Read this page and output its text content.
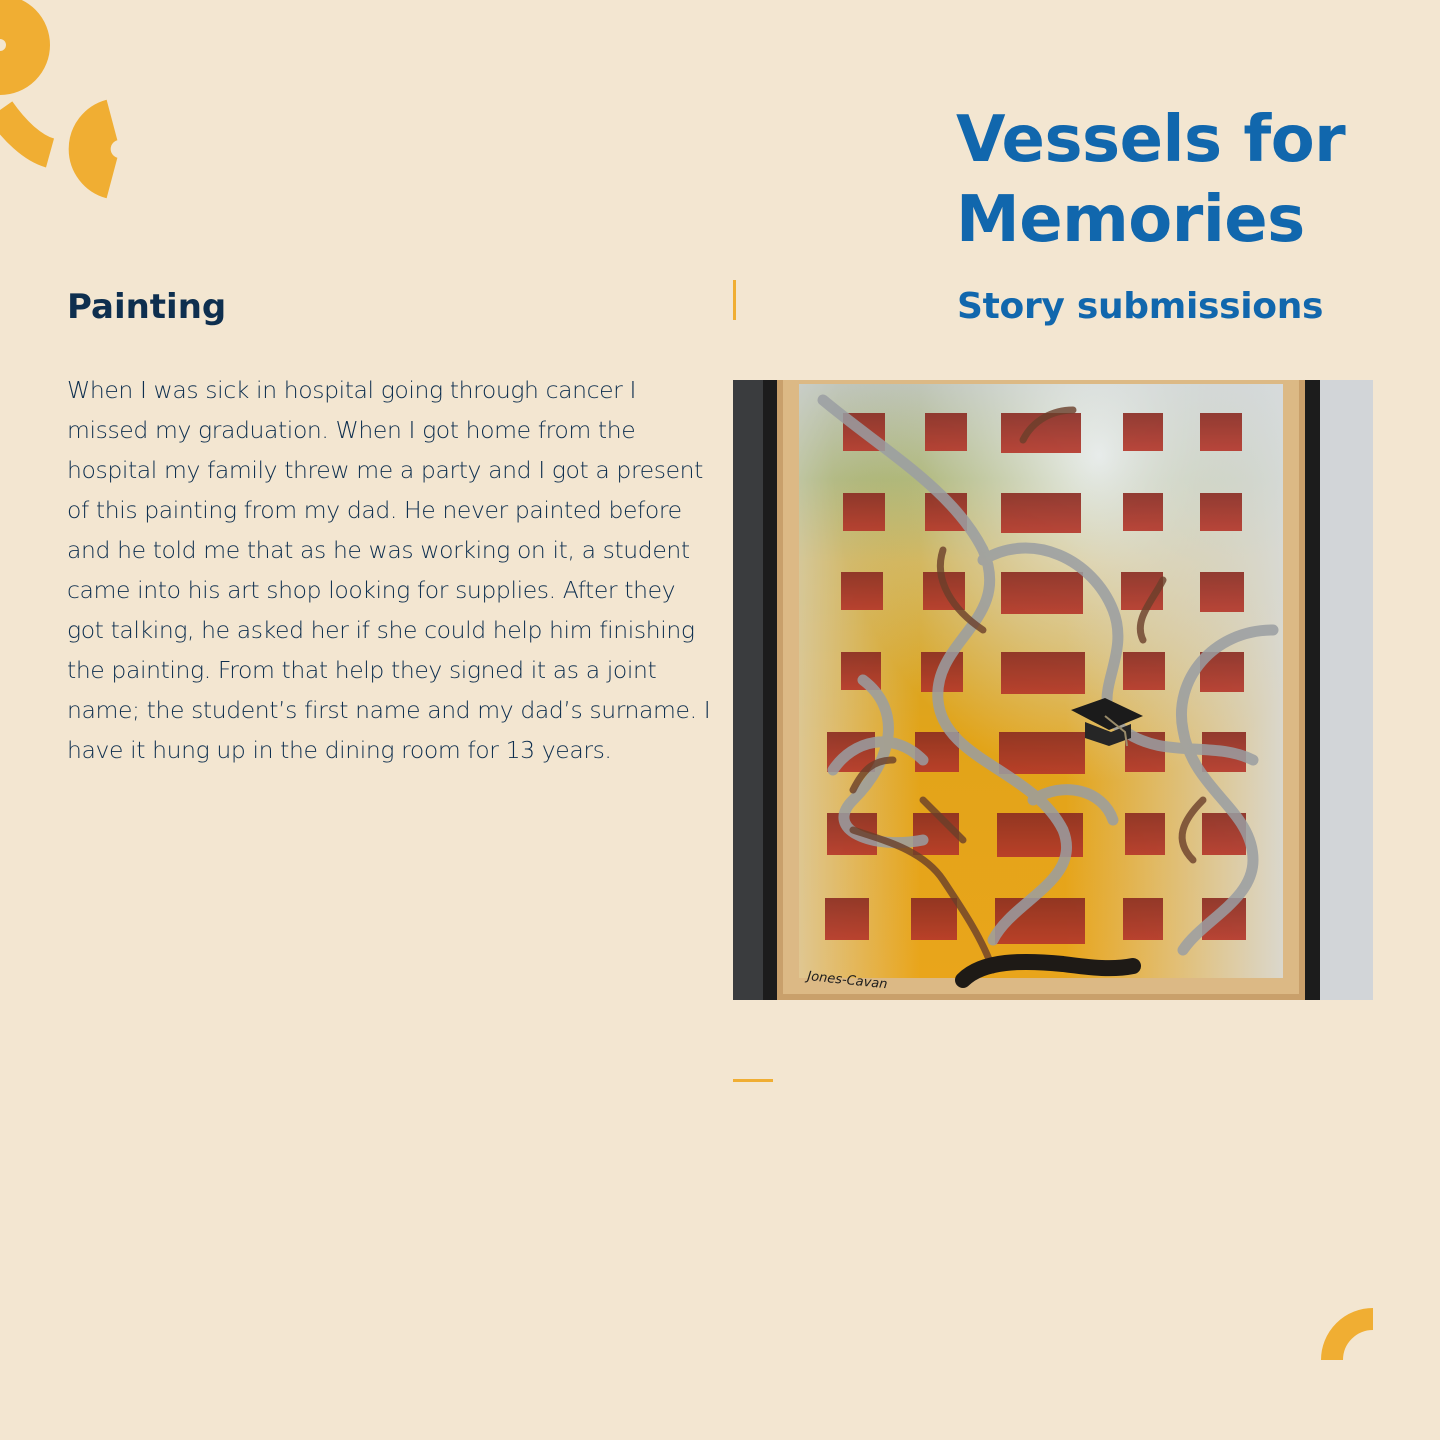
Vessels for Memories
Story submissions
Painting

When I was sick in hospital going through cancer I missed my graduation. When I got home from the hospital my family threw me a party and I got a present of this painting from my dad. He never painted before and he told me that as he was working on it, a student came into his art shop looking for supplies. After they got talking, he asked her if she could help him finishing the painting. From that help they signed it as a joint name; the student’s first name and my dad’s surname. I have it hung up in the dining room for 13 years.

Jones-Cavan
